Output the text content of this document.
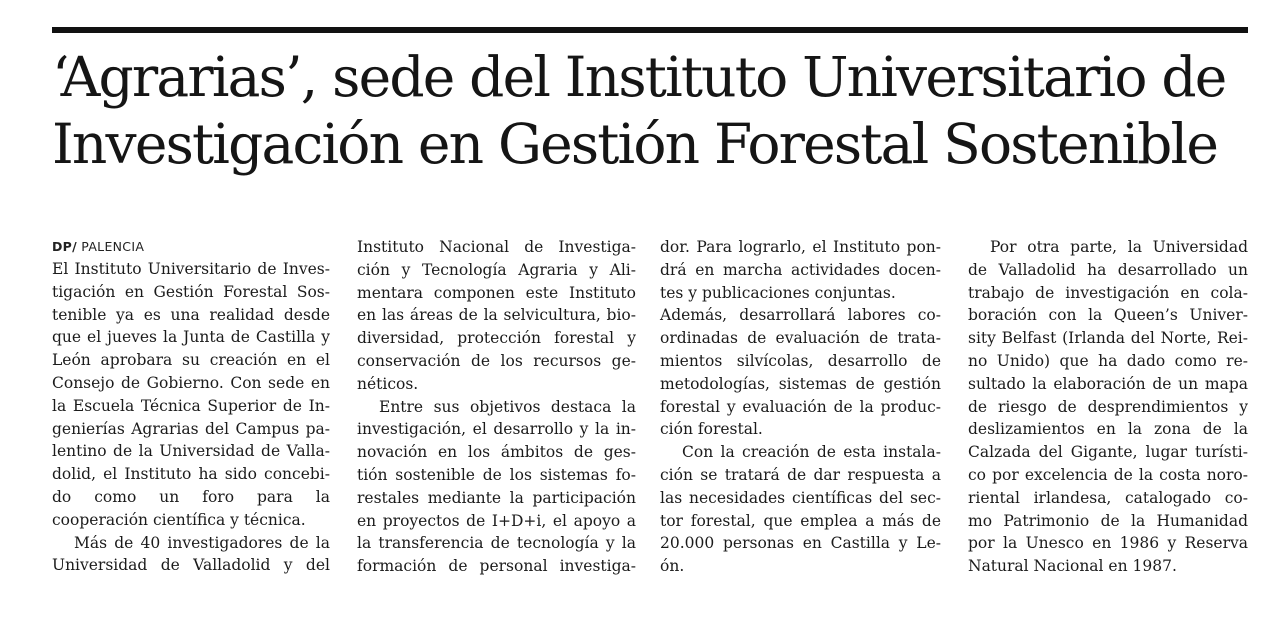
‘Agrarias’, sede del Instituto Universitario de
Investigación en Gestión Forestal Sostenible
DP/ PALENCIA

El Instituto Universitario de Inves-
tigación en Gestión Forestal Sos-
tenible ya es una realidad desde
que el jueves la Junta de Castilla y
León aprobara su creación en el
Consejo de Gobierno. Con sede en
la Escuela Técnica Superior de In-
genierías Agrarias del Campus pa-
lentino de la Universidad de Valla-
dolid, el Instituto ha sido concebi-
do como un foro para la
cooperación científica y técnica.

Más de 40 investigadores de la
Universidad de Valladolid y del

Instituto Nacional de Investiga-
ción y Tecnología Agraria y Ali-
mentara componen este Instituto
en las áreas de la selvicultura, bio-
diversidad, protección forestal y
conservación de los recursos ge-
néticos.

Entre sus objetivos destaca la
investigación, el desarrollo y la in-
novación en los ámbitos de ges-
tión sostenible de los sistemas fo-
restales mediante la participación
en proyectos de I+D+i, el apoyo a
la transferencia de tecnología y la
formación de personal investiga-

dor. Para lograrlo, el Instituto pon-
drá en marcha actividades docen-
tes y publicaciones conjuntas.
Además, desarrollará labores co-
ordinadas de evaluación de trata-
mientos silvícolas, desarrollo de
metodologías, sistemas de gestión
forestal y evaluación de la produc-
ción forestal.

Con la creación de esta instala-
ción se tratará de dar respuesta a
las necesidades científicas del sec-
tor forestal, que emplea a más de
20.000 personas en Castilla y Le-
ón.

Por otra parte, la Universidad
de Valladolid ha desarrollado un
trabajo de investigación en cola-
boración con la Queen’s Univer-
sity Belfast (Irlanda del Norte, Rei-
no Unido) que ha dado como re-
sultado la elaboración de un mapa
de riesgo de desprendimientos y
deslizamientos en la zona de la
Calzada del Gigante, lugar turísti-
co por excelencia de la costa noro-
riental irlandesa, catalogado co-
mo Patrimonio de la Humanidad
por la Unesco en 1986 y Reserva
Natural Nacional en 1987.
